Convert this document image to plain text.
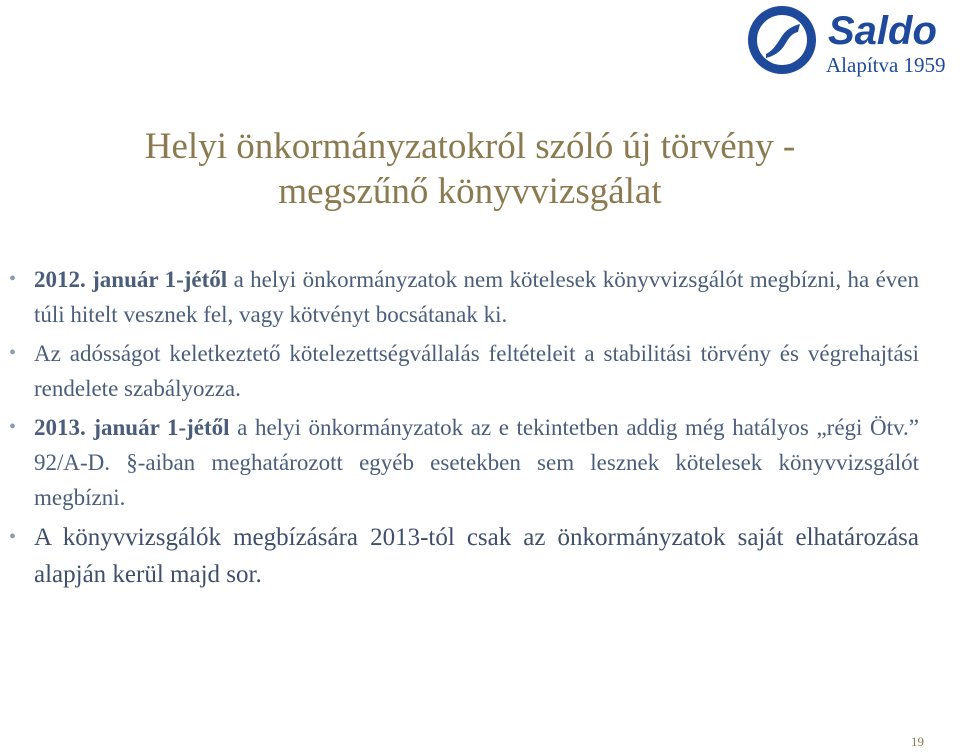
Saldo
Alapítva 1959
Helyi önkormányzatokról szóló új törvény -
megszűnő könyvvizsgálat
• 2012. január 1-jétől a helyi önkormányzatok nem kötelesek könyvvizsgálót megbízni, ha éven túli hitelt vesznek fel, vagy kötvényt bocsátanak ki.
• Az adósságot keletkeztető kötelezettségvállalás feltételeit a stabilitási törvény és végrehajtási rendelete szabályozza.
• 2013. január 1-jétől a helyi önkormányzatok az e tekintetben addig még hatályos „régi Ötv.” 92/A-D. §-aiban meghatározott egyéb esetekben sem lesznek kötelesek könyvvizsgálót megbízni.
• A könyvvizsgálók megbízására 2013-tól csak az önkormányzatok saját elhatározása alapján kerül majd sor.
19
